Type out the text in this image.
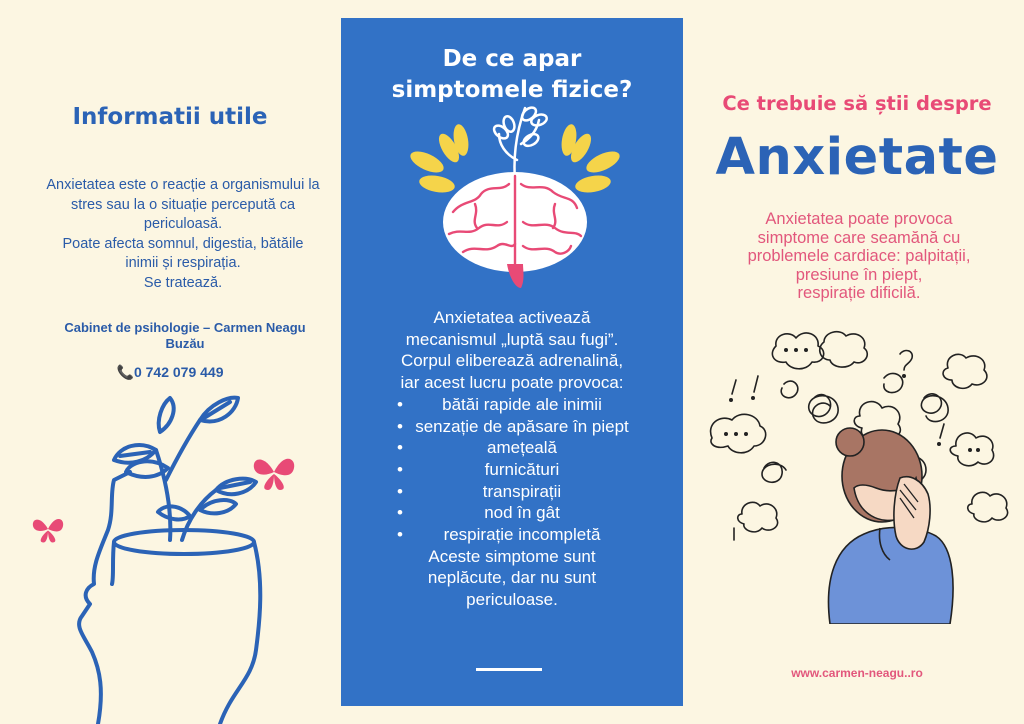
Informatii utile
Anxietatea este o reacție a organismului la
stres sau la o situație percepută ca
periculoasă.
Poate afecta somnul, digestia, bătăile
inimii și respirația.
Se tratează.
Cabinet de psihologie – Carmen Neagu
Buzău
📞0 742 079 449
De ce apar
simptomele fizice?
Anxietatea activează
mecanismul „luptă sau fugi”.
Corpul eliberează adrenalină,
iar acest lucru poate provoca:
• bătăi rapide ale inimii
• senzație de apăsare în piept
•	amețeală
•	furnicături
•	transpirații
•	nod în gât
• respirație incompletă
Aceste simptome sunt
neplăcute, dar nu sunt
periculoase.
Ce trebuie să știi despre
Anxietate
Anxietatea poate provoca
simptome care seamănă cu
problemele cardiace: palpitații,
presiune în piept,
respirație dificilă.
www.carmen-neagu..ro
